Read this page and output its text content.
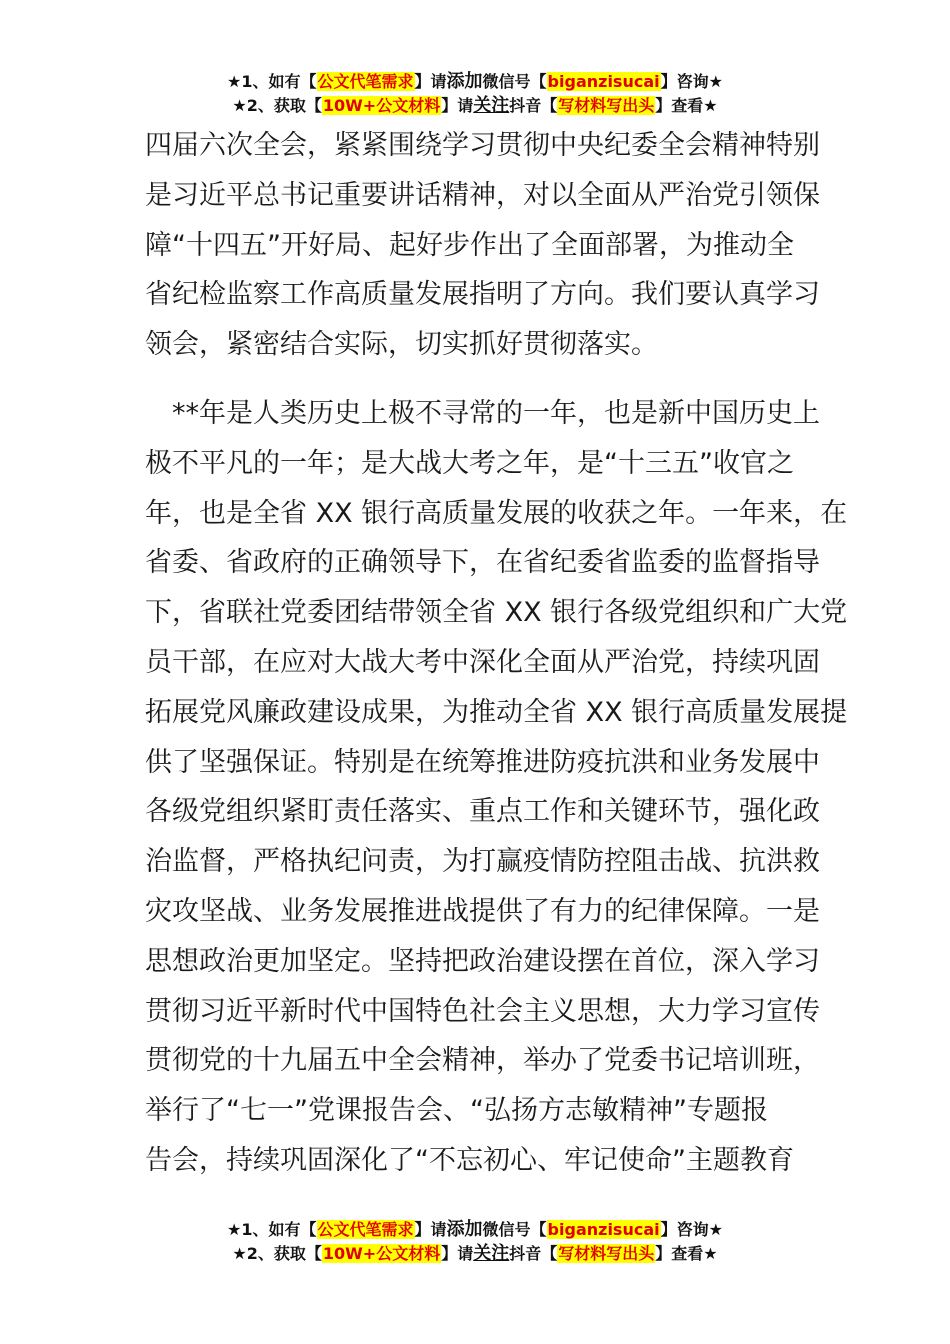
★1、如有【公文代笔需求】请添加微信号【biganzisucai】咨询★
★2、获取【10W+公文材料】请关注抖音【写材料写出头】查看★

四届六次全会，紧紧围绕学习贯彻中央纪委全会精神特别

是习近平总书记重要讲话精神，对以全面从严治党引领保

障“十四五”开好局、起好步作出了全面部署，为推动全

省纪检监察工作高质量发展指明了方向。我们要认真学习

领会，紧密结合实际，切实抓好贯彻落实。

　**年是人类历史上极不寻常的一年，也是新中国历史上

极不平凡的一年；是大战大考之年，是“十三五”收官之

年，也是全省 XX 银行高质量发展的收获之年。一年来，在

省委、省政府的正确领导下，在省纪委省监委的监督指导

下，省联社党委团结带领全省 XX 银行各级党组织和广大党

员干部，在应对大战大考中深化全面从严治党，持续巩固

拓展党风廉政建设成果，为推动全省 XX 银行高质量发展提

供了坚强保证。特别是在统筹推进防疫抗洪和业务发展中

各级党组织紧盯责任落实、重点工作和关键环节，强化政

治监督，严格执纪问责，为打赢疫情防控阻击战、抗洪救

灾攻坚战、业务发展推进战提供了有力的纪律保障。一是

思想政治更加坚定。坚持把政治建设摆在首位，深入学习

贯彻习近平新时代中国特色社会主义思想，大力学习宣传

贯彻党的十九届五中全会精神，举办了党委书记培训班，

举行了“七一”党课报告会、“弘扬方志敏精神”专题报

告会，持续巩固深化了“不忘初心、牢记使命”主题教育

★1、如有【公文代笔需求】请添加微信号【biganzisucai】咨询★
★2、获取【10W+公文材料】请关注抖音【写材料写出头】查看★
